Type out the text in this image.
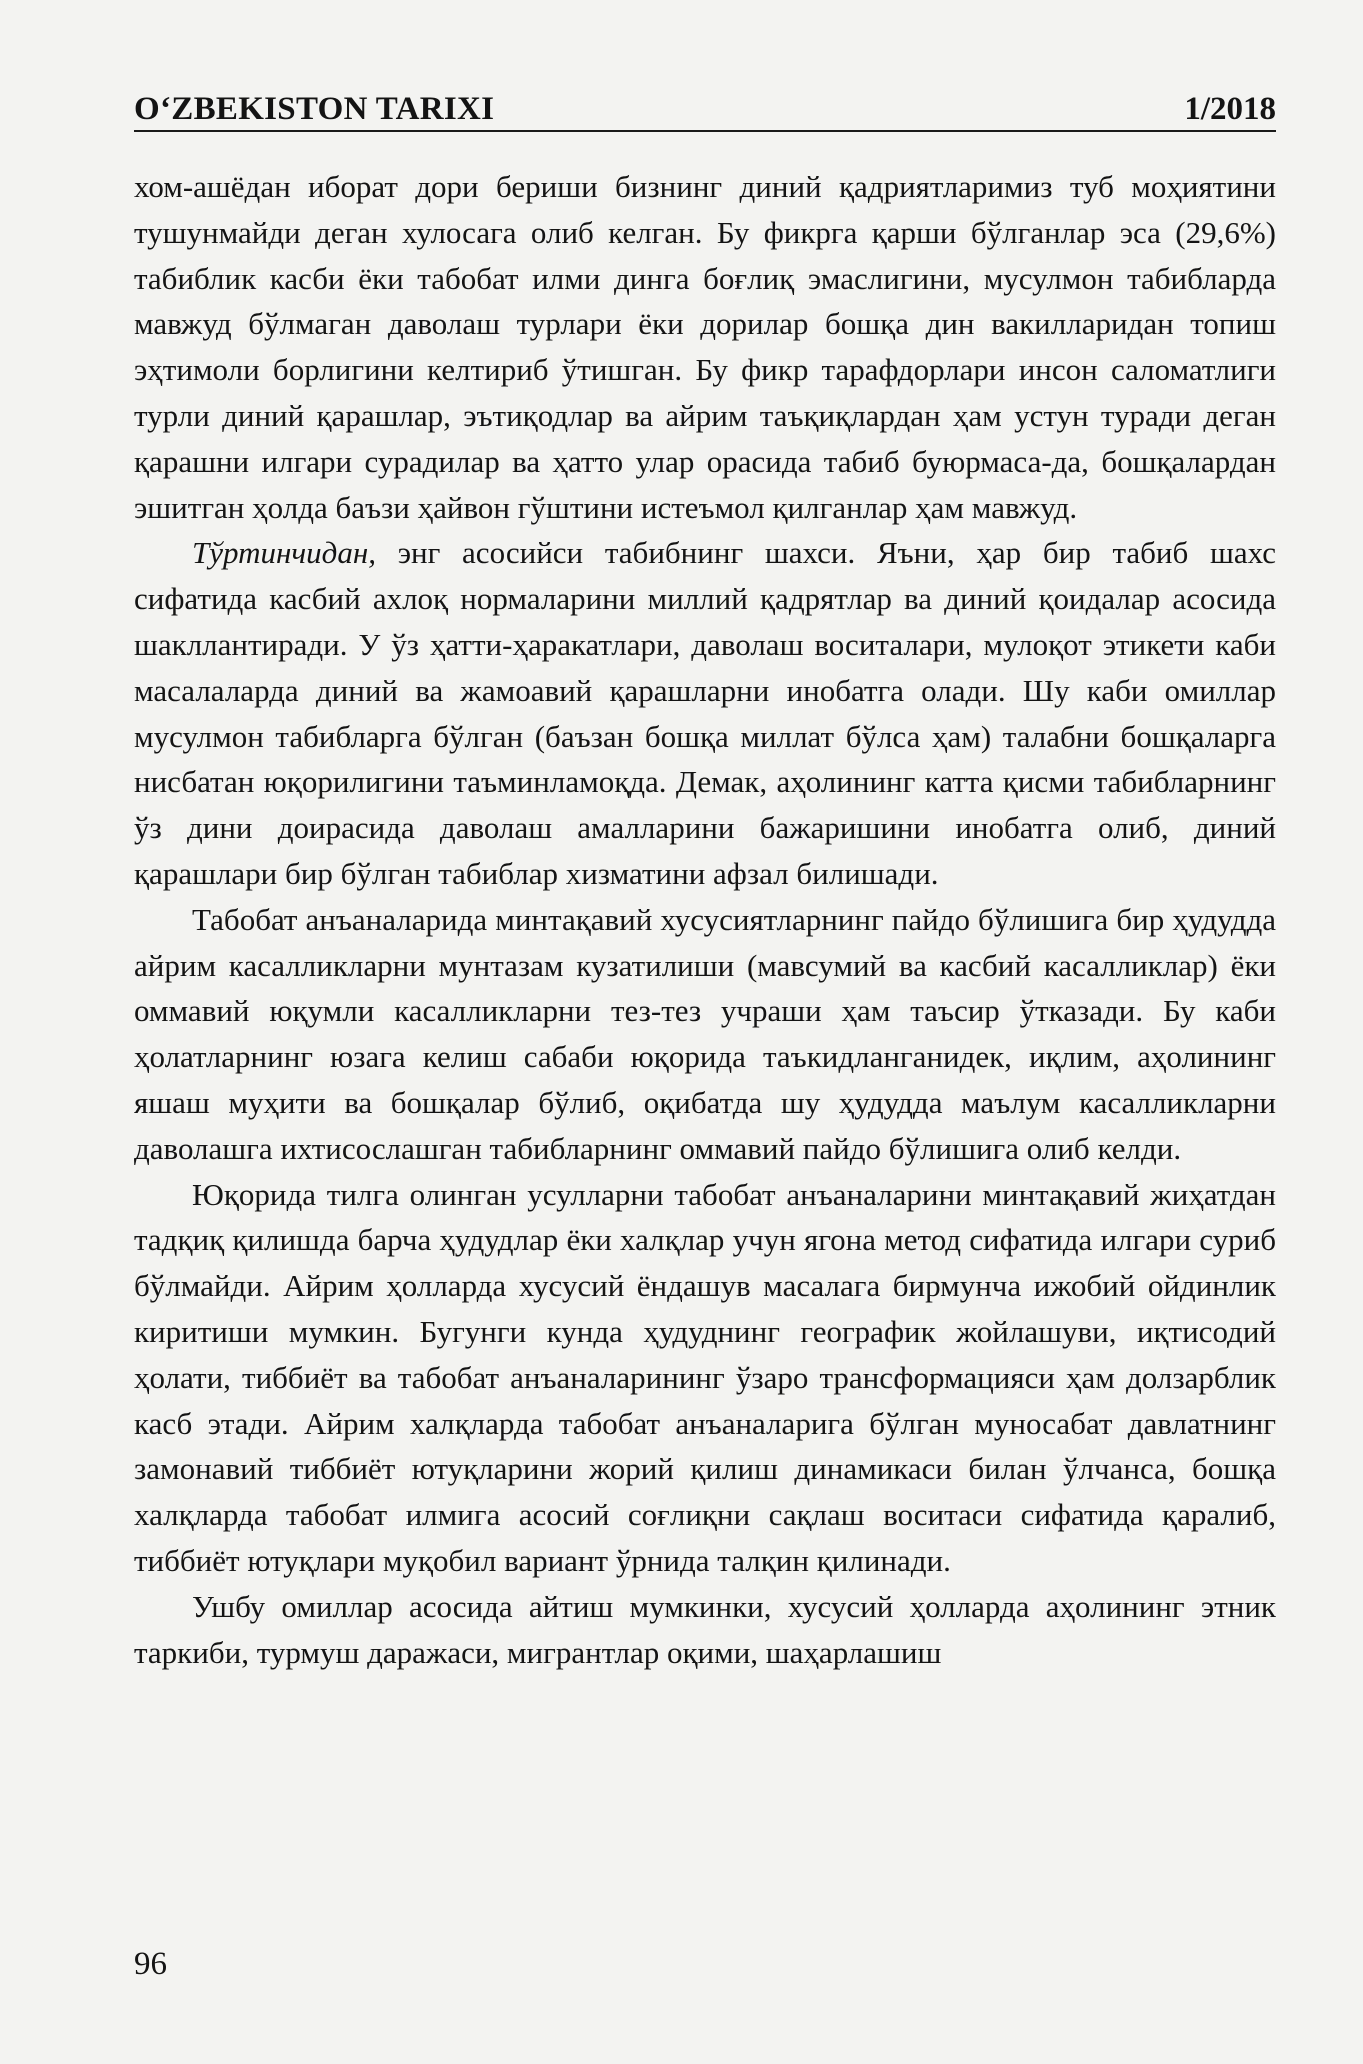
O‘ZBEKISTON TARIXI	1/2018

хом-ашёдан иборат дори бериши бизнинг диний қадриятларимиз туб моҳиятини тушунмайди деган хулосага олиб келган. Бу фикрга қарши бўлганлар эса (29,6%) табиблик касби ёки табобат илми динга боғлиқ эмаслигини, мусулмон табибларда мавжуд бўлмаган даволаш турлари ёки дорилар бошқа дин вакилларидан топиш эҳтимоли борлигини келтириб ўтишган. Бу фикр тарафдорлари инсон саломатлиги турли диний қарашлар, эътиқодлар ва айрим таъқиқлардан ҳам устун туради деган қарашни илгари сурадилар ва ҳатто улар орасида табиб буюрмаса-да, бошқалардан эшитган ҳолда баъзи ҳайвон гўштини истеъмол қилганлар ҳам мавжуд.

Тўртинчидан, энг асосийси табибнинг шахси. Яъни, ҳар бир табиб шахс сифатида касбий ахлоқ нормаларини миллий қадрятлар ва диний қоидалар асосида шакллантиради. У ўз ҳатти-ҳаракатлари, даволаш воситалари, мулоқот этикети каби масалаларда диний ва жамоавий қарашларни инобатга олади. Шу каби омиллар мусулмон табибларга бўлган (баъзан бошқа миллат бўлса ҳам) талабни бошқаларга нисбатан юқорилигини таъминламоқда. Демак, аҳолининг катта қисми табибларнинг ўз дини доирасида даволаш амалларини бажаришини инобатга олиб, диний қарашлари бир бўлган табиблар хизматини афзал билишади.

Табобат анъаналарида минтақавий хусусиятларнинг пайдо бўлишига бир ҳудудда айрим касалликларни мунтазам кузатилиши (мавсумий ва касбий касалликлар) ёки оммавий юқумли касалликларни тез-тез учраши ҳам таъсир ўтказади. Бу каби ҳолатларнинг юзага келиш сабаби юқорида таъкидланганидек, иқлим, аҳолининг яшаш муҳити ва бошқалар бўлиб, оқибатда шу ҳудудда маълум касалликларни даволашга ихтисослашган табибларнинг оммавий пайдо бўлишига олиб келди.

Юқорида тилга олинган усулларни табобат анъаналарини минтақавий жиҳатдан тадқиқ қилишда барча ҳудудлар ёки халқлар учун ягона метод сифатида илгари суриб бўлмайди. Айрим ҳолларда хусусий ёндашув масалага бирмунча ижобий ойдинлик киритиши мумкин. Бугунги кунда ҳудуднинг географик жойлашуви, иқтисодий ҳолати, тиббиёт ва табобат анъаналарининг ўзаро трансформацияси ҳам долзарблик касб этади. Айрим халқларда табобат анъаналарига бўлган муносабат давлатнинг замонавий тиббиёт ютуқларини жорий қилиш динамикаси билан ўлчанса, бошқа халқларда табобат илмига асосий соғлиқни сақлаш воситаси сифатида қаралиб, тиббиёт ютуқлари муқобил вариант ўрнида талқин қилинади.

Ушбу омиллар асосида айтиш мумкинки, хусусий ҳолларда аҳолининг этник таркиби, турмуш даражаси, мигрантлар оқими, шаҳарлашиш

96
